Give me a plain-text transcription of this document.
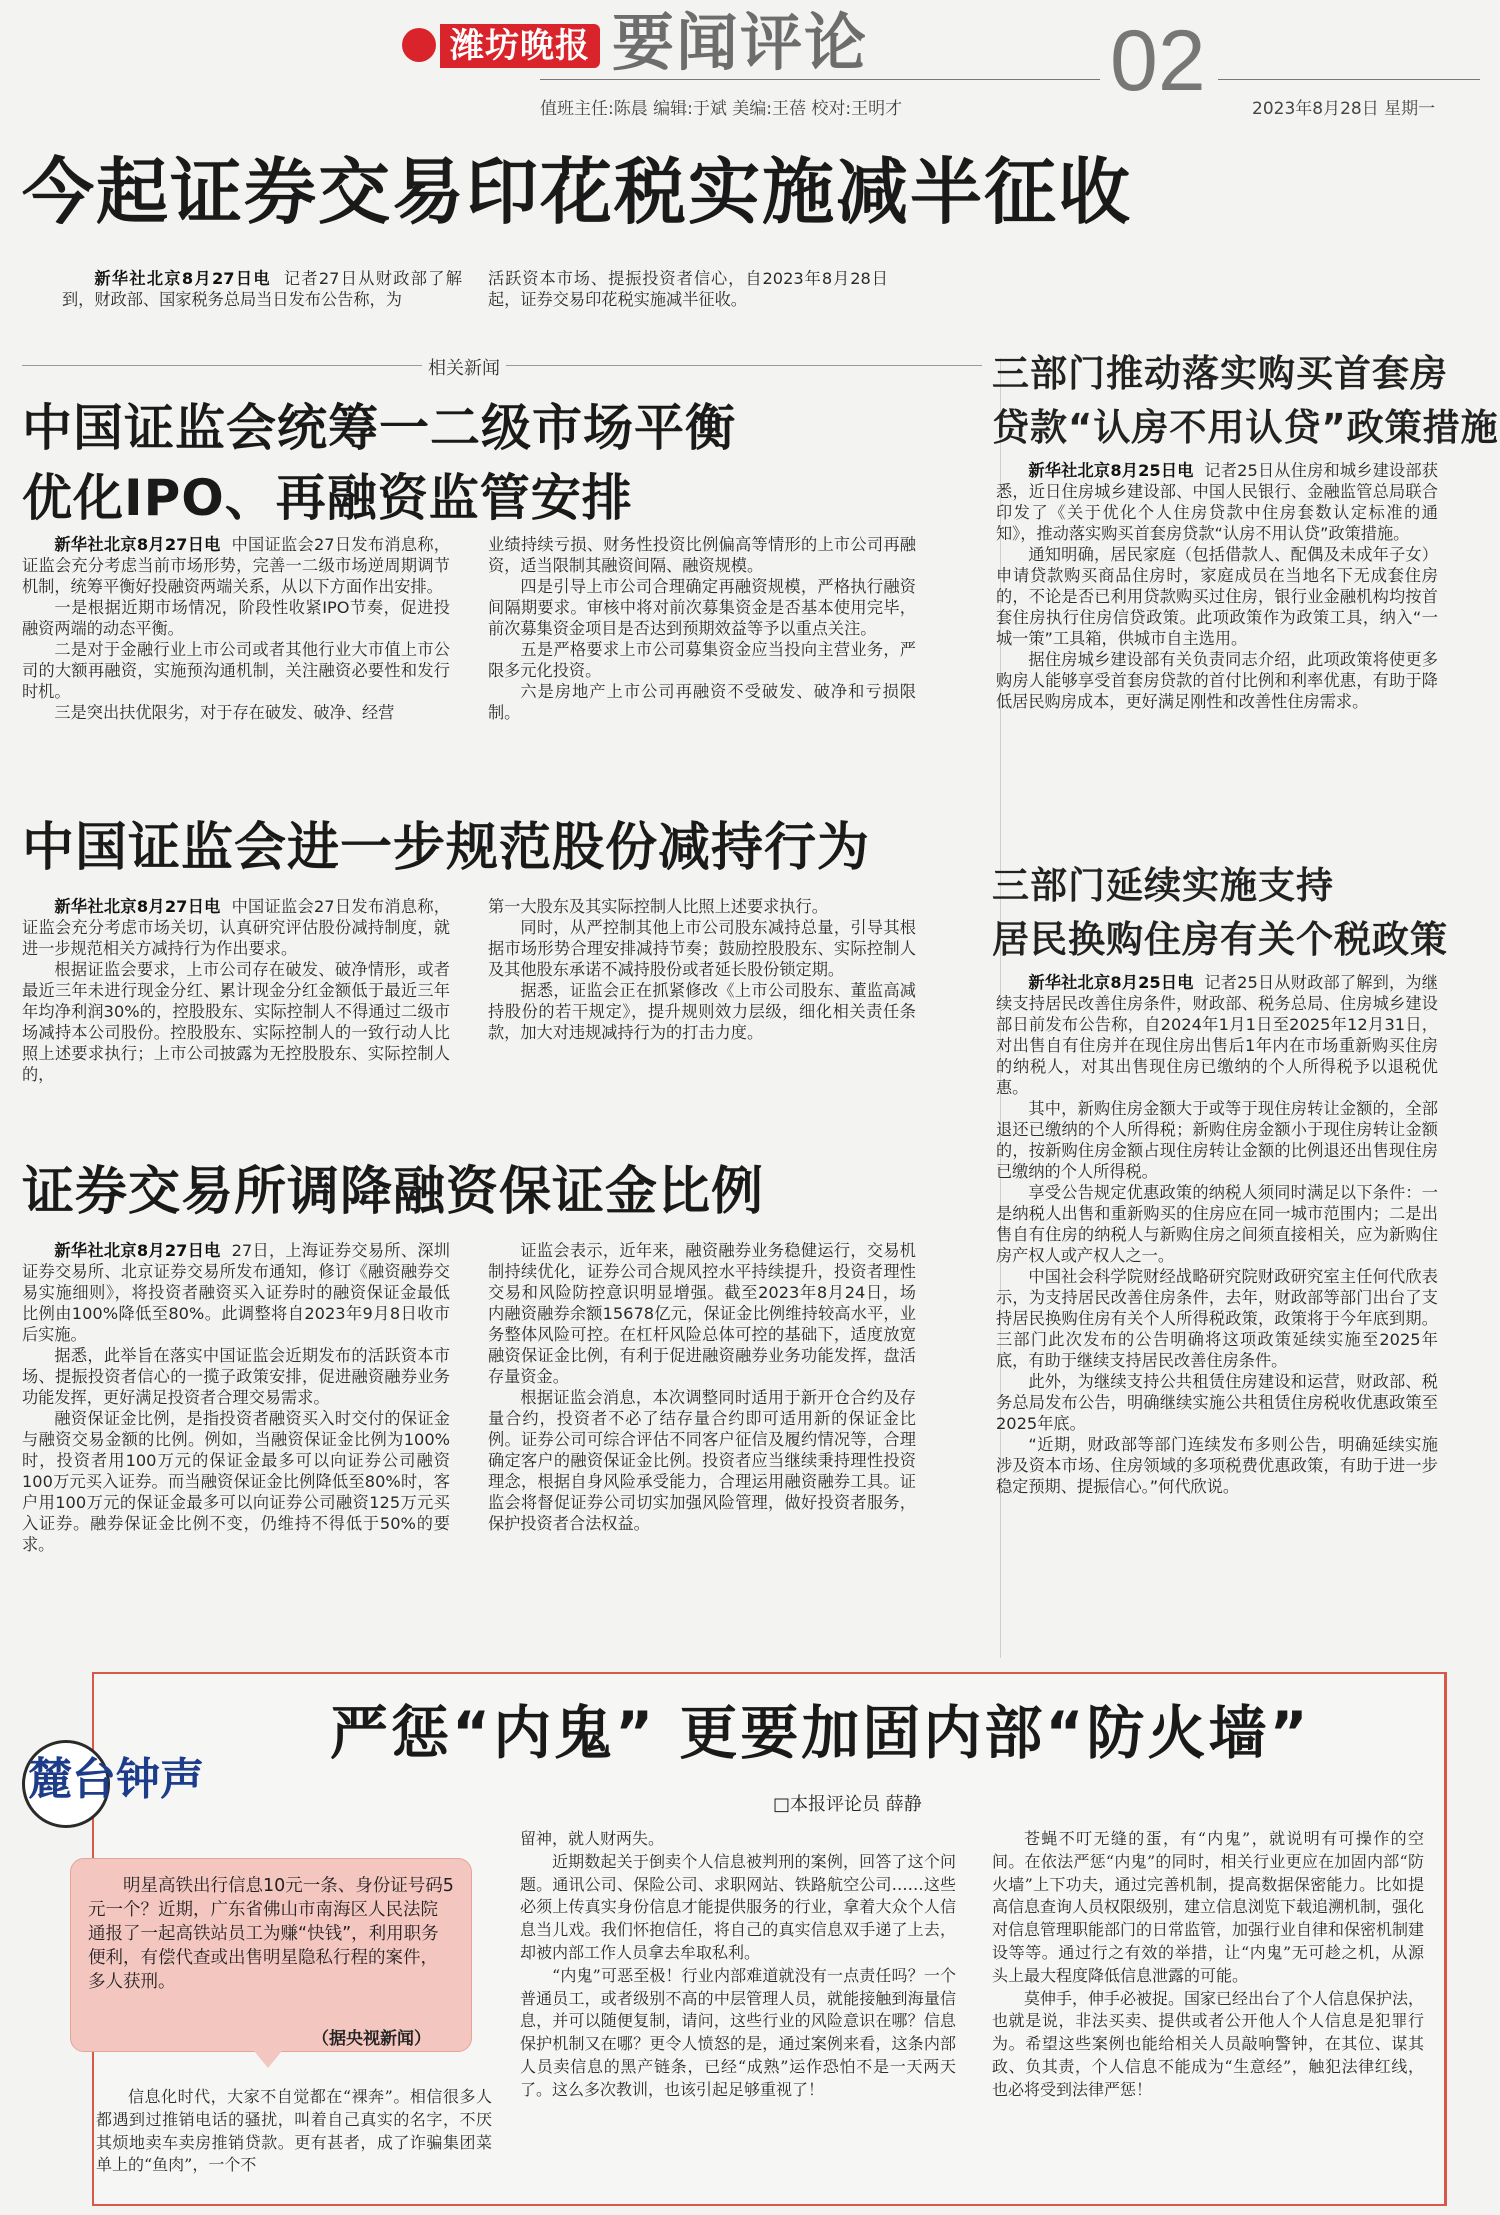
潍坊晚报 要闻评论	02
值班主任:陈晨 编辑:于斌 美编:王蓓 校对:王明才	2023年8月28日 星期一
今起证券交易印花税实施减半征收

新华社北京8月27日电 记者27日从财政部了解到，财政部、国家税务总局当日发布公告称，为

活跃资本市场、提振投资者信心，自2023年8月28日起，证券交易印花税实施减半征收。

相关新闻
中国证监会统筹一二级市场平衡
优化IPO、再融资监管安排

新华社北京8月27日电 中国证监会27日发布消息称，证监会充分考虑当前市场形势，完善一二级市场逆周期调节机制，统筹平衡好投融资两端关系，从以下方面作出安排。

一是根据近期市场情况，阶段性收紧IPO节奏，促进投融资两端的动态平衡。

二是对于金融行业上市公司或者其他行业大市值上市公司的大额再融资，实施预沟通机制，关注融资必要性和发行时机。

三是突出扶优限劣，对于存在破发、破净、经营

业绩持续亏损、财务性投资比例偏高等情形的上市公司再融资，适当限制其融资间隔、融资规模。

四是引导上市公司合理确定再融资规模，严格执行融资间隔期要求。审核中将对前次募集资金是否基本使用完毕，前次募集资金项目是否达到预期效益等予以重点关注。

五是严格要求上市公司募集资金应当投向主营业务，严限多元化投资。

六是房地产上市公司再融资不受破发、破净和亏损限制。

中国证监会进一步规范股份减持行为

新华社北京8月27日电 中国证监会27日发布消息称，证监会充分考虑市场关切，认真研究评估股份减持制度，就进一步规范相关方减持行为作出要求。

根据证监会要求，上市公司存在破发、破净情形，或者最近三年未进行现金分红、累计现金分红金额低于最近三年年均净利润30%的，控股股东、实际控制人不得通过二级市场减持本公司股份。控股股东、实际控制人的一致行动人比照上述要求执行；上市公司披露为无控股股东、实际控制人的，

第一大股东及其实际控制人比照上述要求执行。

同时，从严控制其他上市公司股东减持总量，引导其根据市场形势合理安排减持节奏；鼓励控股股东、实际控制人及其他股东承诺不减持股份或者延长股份锁定期。

据悉，证监会正在抓紧修改《上市公司股东、董监高减持股份的若干规定》，提升规则效力层级，细化相关责任条款，加大对违规减持行为的打击力度。

证券交易所调降融资保证金比例

新华社北京8月27日电 27日，上海证券交易所、深圳证券交易所、北京证券交易所发布通知，修订《融资融券交易实施细则》，将投资者融资买入证券时的融资保证金最低比例由100%降低至80%。此调整将自2023年9月8日收市后实施。

据悉，此举旨在落实中国证监会近期发布的活跃资本市场、提振投资者信心的一揽子政策安排，促进融资融券业务功能发挥，更好满足投资者合理交易需求。

融资保证金比例，是指投资者融资买入时交付的保证金与融资交易金额的比例。例如，当融资保证金比例为100%时，投资者用100万元的保证金最多可以向证券公司融资100万元买入证券。而当融资保证金比例降低至80%时，客户用100万元的保证金最多可以向证券公司融资125万元买入证券。融券保证金比例不变，仍维持不得低于50%的要求。

证监会表示，近年来，融资融券业务稳健运行，交易机制持续优化，证券公司合规风控水平持续提升，投资者理性交易和风险防控意识明显增强。截至2023年8月24日，场内融资融券余额15678亿元，保证金比例维持较高水平，业务整体风险可控。在杠杆风险总体可控的基础下，适度放宽融资保证金比例，有利于促进融资融券业务功能发挥，盘活存量资金。

根据证监会消息，本次调整同时适用于新开仓合约及存量合约，投资者不必了结存量合约即可适用新的保证金比例。证券公司可综合评估不同客户征信及履约情况等，合理确定客户的融资保证金比例。投资者应当继续秉持理性投资理念，根据自身风险承受能力，合理运用融资融券工具。证监会将督促证券公司切实加强风险管理，做好投资者服务，保护投资者合法权益。

三部门推动落实购买首套房
贷款“认房不用认贷”政策措施

新华社北京8月25日电 记者25日从住房和城乡建设部获悉，近日住房城乡建设部、中国人民银行、金融监管总局联合印发了《关于优化个人住房贷款中住房套数认定标准的通知》，推动落实购买首套房贷款“认房不用认贷”政策措施。

通知明确，居民家庭（包括借款人、配偶及未成年子女）申请贷款购买商品住房时，家庭成员在当地名下无成套住房的，不论是否已利用贷款购买过住房，银行业金融机构均按首套住房执行住房信贷政策。此项政策作为政策工具，纳入“一城一策”工具箱，供城市自主选用。

据住房城乡建设部有关负责同志介绍，此项政策将使更多购房人能够享受首套房贷款的首付比例和利率优惠，有助于降低居民购房成本，更好满足刚性和改善性住房需求。

三部门延续实施支持
居民换购住房有关个税政策

新华社北京8月25日电 记者25日从财政部了解到，为继续支持居民改善住房条件，财政部、税务总局、住房城乡建设部日前发布公告称，自2024年1月1日至2025年12月31日，对出售自有住房并在现住房出售后1年内在市场重新购买住房的纳税人，对其出售现住房已缴纳的个人所得税予以退税优惠。

其中，新购住房金额大于或等于现住房转让金额的，全部退还已缴纳的个人所得税；新购住房金额小于现住房转让金额的，按新购住房金额占现住房转让金额的比例退还出售现住房已缴纳的个人所得税。

享受公告规定优惠政策的纳税人须同时满足以下条件：一是纳税人出售和重新购买的住房应在同一城市范围内；二是出售自有住房的纳税人与新购住房之间须直接相关，应为新购住房产权人或产权人之一。

中国社会科学院财经战略研究院财政研究室主任何代欣表示，为支持居民改善住房条件，去年，财政部等部门出台了支持居民换购住房有关个人所得税政策，政策将于今年底到期。三部门此次发布的公告明确将这项政策延续实施至2025年底，有助于继续支持居民改善住房条件。

此外，为继续支持公共租赁住房建设和运营，财政部、税务总局发布公告，明确继续实施公共租赁住房税收优惠政策至2025年底。

“近期，财政部等部门连续发布多则公告，明确延续实施涉及资本市场、住房领域的多项税费优惠政策，有助于进一步稳定预期、提振信心。”何代欣说。

严惩“内鬼” 更要加固内部“防火墙”
□本报评论员 薛静
麓台钟声

明星高铁出行信息10元一条、身份证号码5元一个？近期，广东省佛山市南海区人民法院通报了一起高铁站员工为赚“快钱”，利用职务便利，有偿代查或出售明星隐私行程的案件，多人获刑。

（据央视新闻）

信息化时代，大家不自觉都在“裸奔”。相信很多人都遇到过推销电话的骚扰，叫着自己真实的名字，不厌其烦地卖车卖房推销贷款。更有甚者，成了诈骗集团菜单上的“鱼肉”，一个不

留神，就人财两失。

近期数起关于倒卖个人信息被判刑的案例，回答了这个问题。通讯公司、保险公司、求职网站、铁路航空公司……这些必须上传真实身份信息才能提供服务的行业，拿着大众个人信息当儿戏。我们怀抱信任，将自己的真实信息双手递了上去，却被内部工作人员拿去牟取私利。

“内鬼”可恶至极！行业内部难道就没有一点责任吗？一个普通员工，或者级别不高的中层管理人员，就能接触到海量信息，并可以随便复制，请问，这些行业的风险意识在哪？信息保护机制又在哪？更令人愤怒的是，通过案例来看，这条内部人员卖信息的黑产链条，已经“成熟”运作恐怕不是一天两天了。这么多次教训，也该引起足够重视了！

苍蝇不叮无缝的蛋，有“内鬼”，就说明有可操作的空间。在依法严惩“内鬼”的同时，相关行业更应在加固内部“防火墙”上下功夫，通过完善机制，提高数据保密能力。比如提高信息查询人员权限级别，建立信息浏览下载追溯机制，强化对信息管理职能部门的日常监管，加强行业自律和保密机制建设等等。通过行之有效的举措，让“内鬼”无可趁之机，从源头上最大程度降低信息泄露的可能。

莫伸手，伸手必被捉。国家已经出台了个人信息保护法，也就是说，非法买卖、提供或者公开他人个人信息是犯罪行为。希望这些案例也能给相关人员敲响警钟，在其位、谋其政、负其责，个人信息不能成为“生意经”，触犯法律红线，也必将受到法律严惩！
